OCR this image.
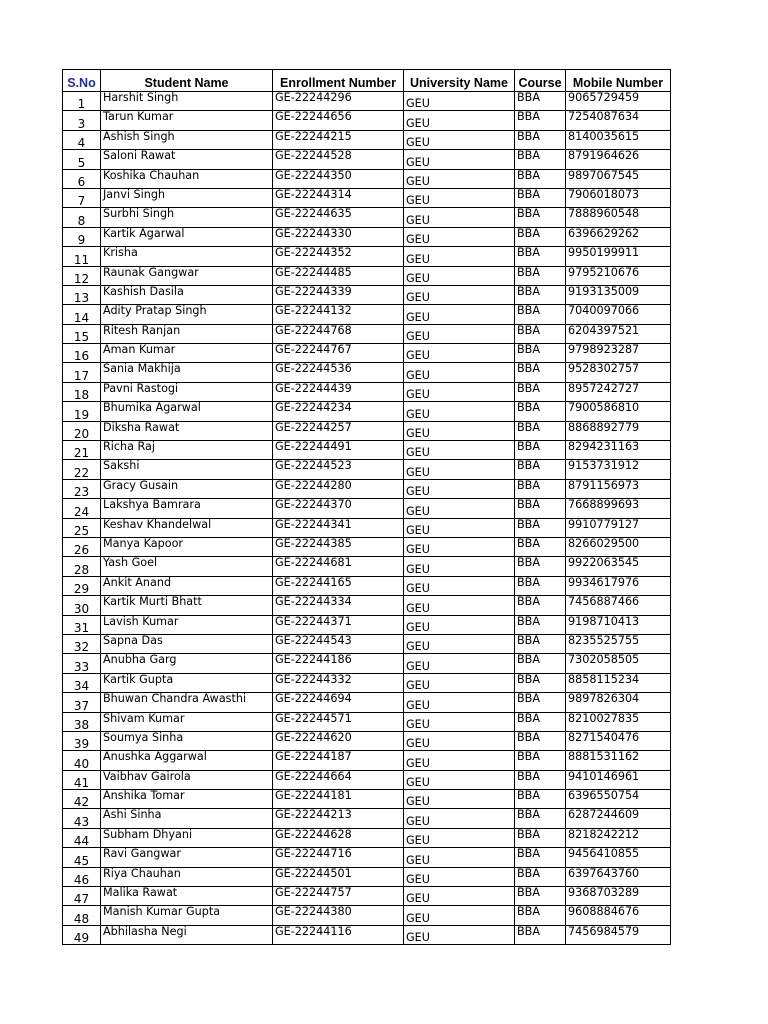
S.No	Student Name	Enrollment Number	University Name	Course	Mobile Number
1	Harshit Singh	GE-22244296	GEU	BBA	9065729459
3	Tarun Kumar	GE-22244656	GEU	BBA	7254087634
4	Ashish Singh	GE-22244215	GEU	BBA	8140035615
5	Saloni Rawat	GE-22244528	GEU	BBA	8791964626
6	Koshika Chauhan	GE-22244350	GEU	BBA	9897067545
7	Janvi Singh	GE-22244314	GEU	BBA	7906018073
8	Surbhi Singh	GE-22244635	GEU	BBA	7888960548
9	Kartik Agarwal	GE-22244330	GEU	BBA	6396629262
11	Krisha	GE-22244352	GEU	BBA	9950199911
12	Raunak Gangwar	GE-22244485	GEU	BBA	9795210676
13	Kashish Dasila	GE-22244339	GEU	BBA	9193135009
14	Adity Pratap Singh	GE-22244132	GEU	BBA	7040097066
15	Ritesh Ranjan	GE-22244768	GEU	BBA	6204397521
16	Aman Kumar	GE-22244767	GEU	BBA	9798923287
17	Sania Makhija	GE-22244536	GEU	BBA	9528302757
18	Pavni Rastogi	GE-22244439	GEU	BBA	8957242727
19	Bhumika Agarwal	GE-22244234	GEU	BBA	7900586810
20	Diksha Rawat	GE-22244257	GEU	BBA	8868892779
21	Richa Raj	GE-22244491	GEU	BBA	8294231163
22	Sakshi	GE-22244523	GEU	BBA	9153731912
23	Gracy Gusain	GE-22244280	GEU	BBA	8791156973
24	Lakshya Bamrara	GE-22244370	GEU	BBA	7668899693
25	Keshav Khandelwal	GE-22244341	GEU	BBA	9910779127
26	Manya Kapoor	GE-22244385	GEU	BBA	8266029500
28	Yash Goel	GE-22244681	GEU	BBA	9922063545
29	Ankit Anand	GE-22244165	GEU	BBA	9934617976
30	Kartik Murti Bhatt	GE-22244334	GEU	BBA	7456887466
31	Lavish Kumar	GE-22244371	GEU	BBA	9198710413
32	Sapna Das	GE-22244543	GEU	BBA	8235525755
33	Anubha Garg	GE-22244186	GEU	BBA	7302058505
34	Kartik Gupta	GE-22244332	GEU	BBA	8858115234
37	Bhuwan Chandra Awasthi	GE-22244694	GEU	BBA	9897826304
38	Shivam Kumar	GE-22244571	GEU	BBA	8210027835
39	Soumya Sinha	GE-22244620	GEU	BBA	8271540476
40	Anushka Aggarwal	GE-22244187	GEU	BBA	8881531162
41	Vaibhav Gairola	GE-22244664	GEU	BBA	9410146961
42	Anshika Tomar	GE-22244181	GEU	BBA	6396550754
43	Ashi Sinha	GE-22244213	GEU	BBA	6287244609
44	Subham Dhyani	GE-22244628	GEU	BBA	8218242212
45	Ravi Gangwar	GE-22244716	GEU	BBA	9456410855
46	Riya Chauhan	GE-22244501	GEU	BBA	6397643760
47	Malika Rawat	GE-22244757	GEU	BBA	9368703289
48	Manish Kumar Gupta	GE-22244380	GEU	BBA	9608884676
49	Abhilasha Negi	GE-22244116	GEU	BBA	7456984579
